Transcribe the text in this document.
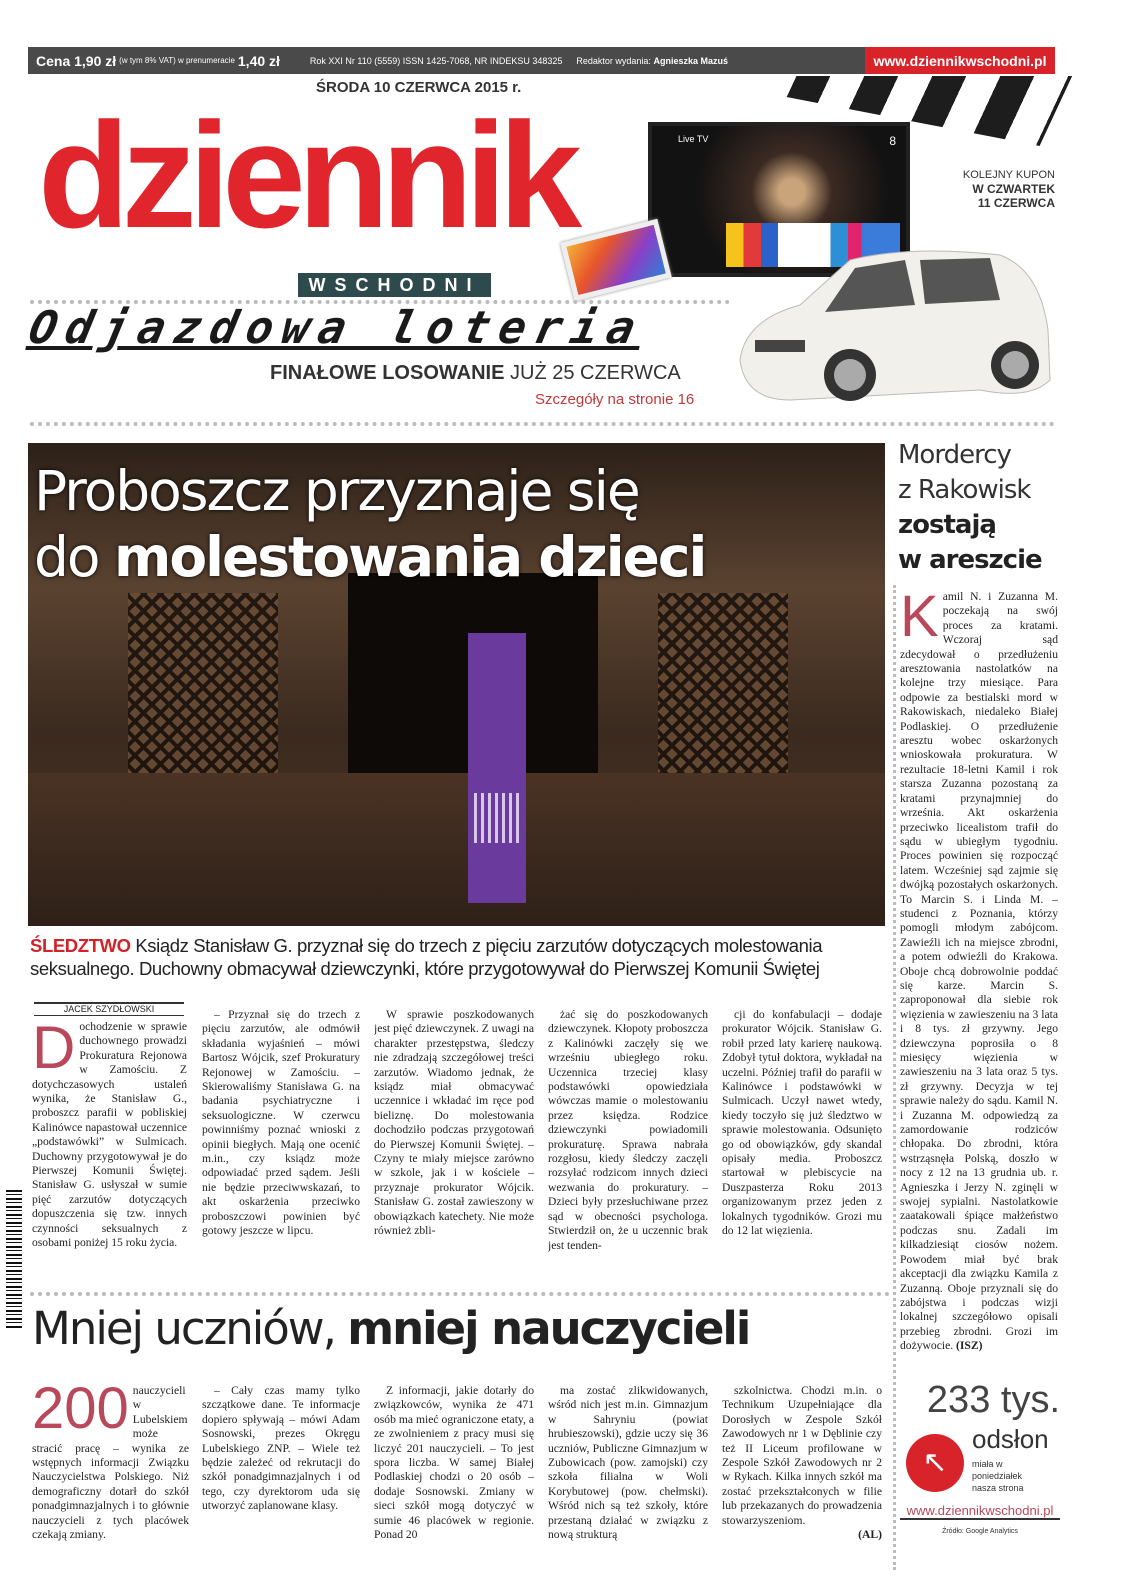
Cena 1,90 zł (w tym 8% VAT) w prenumeracie 1,40 zł	Rok XXI Nr 110 (5559) ISSN 1425-7068, NR INDEKSU 348325 Redaktor wydania:
Agnieszka Mazuś	www.dziennikwschodni.pl
ŚRODA 10 CZERWCA 2015 r.
dziennik
WSCHODNI
Live TV	8
KOLEJNY KUPON
W CZWARTEK
11 CZERWCA
Odjazdowa loteria
FINAŁOWE LOSOWANIE JUŻ 25 CZERWCA
Szczegóły na stronie 16
Proboszcz przyznaje się
do molestowania dzieci
Mordercy
z Rakowisk
zostają
w areszcie
Kamil N. i Zuzanna M. poczekają na swój proces za kratami. Wczoraj sąd zdecydował o przedłużeniu aresztowania nastolatków na kolejne trzy miesiące. Para odpowie za bestialski mord w Rakowiskach, niedaleko Białej Podlaskiej. O przedłużenie aresztu wobec oskarżonych wnioskowała prokuratura. W rezultacie 18-letni Kamil i rok starsza Zuzanna pozostaną za kratami przynajmniej do września. Akt oskarżenia przeciwko licealistom trafił do sądu w ubiegłym tygodniu. Proces powinien się rozpocząć latem. Wcześniej sąd zajmie się dwójką pozostałych oskarżonych. To Marcin S. i Linda M. – studenci z Poznania, którzy pomogli młodym zabójcom. Zawieźli ich na miejsce zbrodni, a potem odwieźli do Krakowa. Oboje chcą dobrowolnie poddać się karze. Marcin S. zaproponował dla siebie rok więzienia w zawieszeniu na 3 lata i 8 tys. zł grzywny. Jego dziewczyna poprosiła o 8 miesięcy więzienia w zawieszeniu na 3 lata oraz 5 tys. zł grzywny. Decyzja w tej sprawie należy do sądu. Kamil N. i Zuzanna M. odpowiedzą za zamordowanie rodziców chłopaka. Do zbrodni, która wstrząsnęła Polską, doszło w nocy z 12 na 13 grudnia ub. r. Agnieszka i Jerzy N. zginęli w swojej sypialni. Nastolatkowie zaatakowali śpiące małżeństwo podczas snu. Zadali im kilkadziesiąt ciosów nożem. Powodem miał być brak akceptacji dla związku Kamila z Zuzanną. Oboje przyznali się do zabójstwa i podczas wizji lokalnej szczegółowo opisali przebieg zbrodni. Grozi im dożywocie. (ISZ)
ŚLEDZTWO Ksiądz Stanisław G. przyznał się do trzech z pięciu zarzutów dotyczących molestowania seksualnego. Duchowny obmacywał dziewczynki, które przygotowywał do Pierwszej Komunii Świętej
JACEK SZYDŁOWSKI
Dochodzenie w sprawie duchownego prowadzi Prokuratura Rejonowa w Zamościu. Z dotychczasowych ustaleń wynika, że Stanisław G., proboszcz parafii w pobliskiej Kalinówce napastował uczennice „podstawówki” w Sulmicach. Duchowny przygotowywał je do Pierwszej Komunii Świętej. Stanisław G. usłyszał w sumie pięć zarzutów dotyczących dopuszczenia się tzw. innych czynności seksualnych z osobami poniżej 15 roku życia.

– Przyznał się do trzech z pięciu zarzutów, ale odmówił składania wyjaśnień – mówi Bartosz Wójcik, szef Prokuratury Rejonowej w Zamościu. – Skierowaliśmy Stanisława G. na badania psychiatryczne i seksuologiczne. W czerwcu powinniśmy poznać wnioski z opinii biegłych. Mają one ocenić m.in., czy ksiądz może odpowiadać przed sądem. Jeśli nie będzie przeciwwskazań, to akt oskarżenia przeciwko proboszczowi powinien być gotowy jeszcze w lipcu.

W sprawie poszkodowanych jest pięć dziewczynek. Z uwagi na charakter przestępstwa, śledczy nie zdradzają szczegółowej treści zarzutów. Wiadomo jednak, że ksiądz miał obmacywać uczennice i wkładać im ręce pod bieliznę. Do molestowania dochodziło podczas przygotowań do Pierwszej Komunii Świętej. – Czyny te miały miejsce zarówno w szkole, jak i w kościele – przyznaje prokurator Wójcik. Stanisław G. został zawieszony w obowiązkach katechety. Nie może również zbli-

żać się do poszkodowanych dziewczynek. Kłopoty proboszcza z Kalinówki zaczęły się we wrześniu ubiegłego roku. Uczennica trzeciej klasy podstawówki opowiedziała wówczas mamie o molestowaniu przez księdza. Rodzice dziewczynki powiadomili prokuraturę. Sprawa nabrała rozgłosu, kiedy śledczy zaczęli rozsyłać rodzicom innych dzieci wezwania do prokuratury. – Dzieci były przesłuchiwane przez sąd w obecności psychologa. Stwierdził on, że u uczennic brak jest tenden-

cji do konfabulacji – dodaje prokurator Wójcik. Stanisław G. robił przed laty karierę naukową. Zdobył tytuł doktora, wykładał na uczelni. Później trafił do parafii w Kalinówce i podstawówki w Sulmicach. Uczył nawet wtedy, kiedy toczyło się już śledztwo w sprawie molestowania. Odsunięto go od obowiązków, gdy skandal opisały media. Proboszcz startował w plebiscycie na Duszpasterza Roku 2013 organizowanym przez jeden z lokalnych tygodników. Grozi mu do 12 lat więzienia.

Mniej uczniów, mniej nauczycieli
200 nauczycieli w Lubelskiem może stracić pracę – wynika ze wstępnych informacji Związku Nauczycielstwa Polskiego. Niż demograficzny dotarł do szkół ponadgimnazjalnych i to głównie nauczycieli z tych placówek czekają zmiany.

– Cały czas mamy tylko szczątkowe dane. Te informacje dopiero spływają – mówi Adam Sosnowski, prezes Okręgu Lubelskiego ZNP. – Wiele też będzie zależeć od rekrutacji do szkół ponadgimnazjalnych i od tego, czy dyrektorom uda się utworzyć zaplanowane klasy.

Z informacji, jakie dotarły do związkowców, wynika że 471 osób ma mieć ograniczone etaty, a ze zwolnieniem z pracy musi się liczyć 201 nauczycieli. – To jest spora liczba. W samej Białej Podlaskiej chodzi o 20 osób – dodaje Sosnowski. Zmiany w sieci szkół mogą dotyczyć w sumie 46 placówek w regionie. Ponad 20

ma zostać zlikwidowanych, wśród nich jest m.in. Gimnazjum w Sahryniu (powiat hrubieszowski), gdzie uczy się 36 uczniów, Publiczne Gimnazjum w Zubowicach (pow. zamojski) czy szkoła filialna w Woli Korybutowej (pow. chełmski). Wśród nich są też szkoły, które przestaną działać w związku z nową strukturą

szkolnictwa. Chodzi m.in. o Technikum Uzupełniające dla Dorosłych w Zespole Szkół Zawodowych nr 1 w Dęblinie czy też II Liceum profilowane w Zespole Szkół Zawodowych nr 2 w Rykach. Kilka innych szkół ma zostać przekształconych w filie lub przekazanych do prowadzenia stowarzyszeniom.

(AL)
233 tys.
↖
odsłon
miała w
poniedziałek
nasza strona
www.dziennikwschodni.pl
Źródło: Google Analytics
